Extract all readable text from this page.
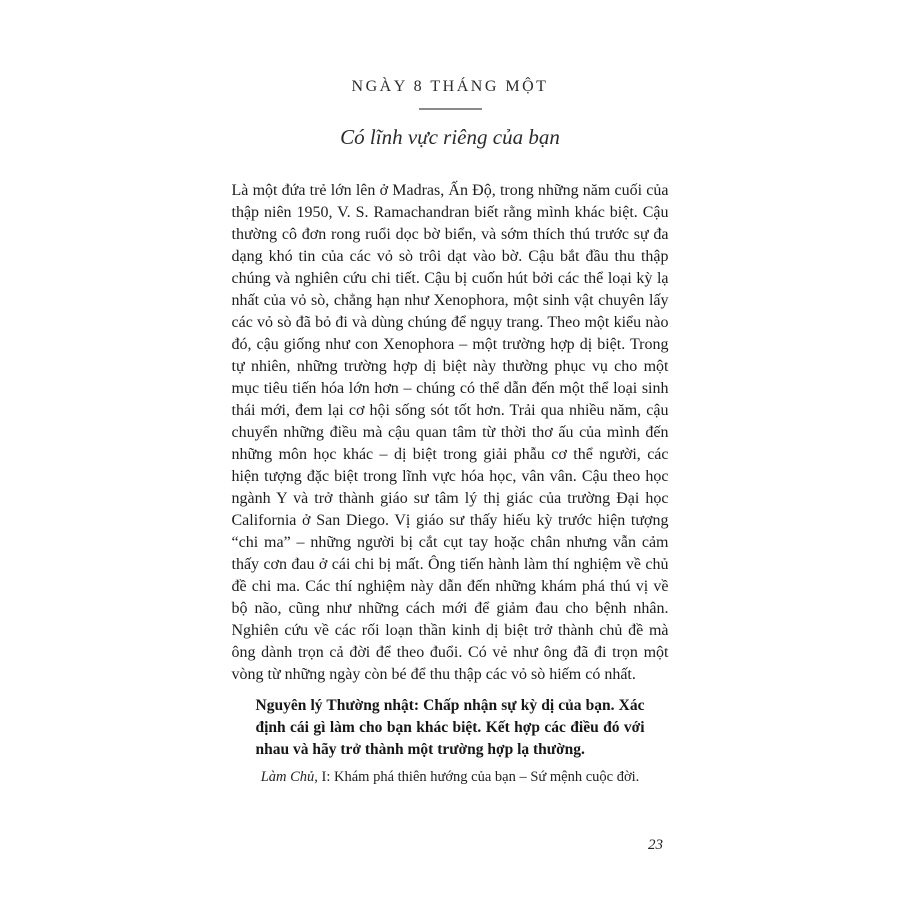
NGÀY 8 THÁNG MỘT
Có lĩnh vực riêng của bạn

Là một đứa trẻ lớn lên ở Madras, Ấn Độ, trong những năm cuối của thập niên 1950, V. S. Ramachandran biết rằng mình khác biệt. Cậu thường cô đơn rong ruổi dọc bờ biển, và sớm thích thú trước sự đa dạng khó tin của các vỏ sò trôi dạt vào bờ. Cậu bắt đầu thu thập chúng và nghiên cứu chi tiết. Cậu bị cuốn hút bởi các thể loại kỳ lạ nhất của vỏ sò, chẳng hạn như Xenophora, một sinh vật chuyên lấy các vỏ sò đã bỏ đi và dùng chúng để ngụy trang. Theo một kiểu nào đó, cậu giống như con Xenophora – một trường hợp dị biệt. Trong tự nhiên, những trường hợp dị biệt này thường phục vụ cho một mục tiêu tiến hóa lớn hơn – chúng có thể dẫn đến một thể loại sinh thái mới, đem lại cơ hội sống sót tốt hơn. Trải qua nhiều năm, cậu chuyển những điều mà cậu quan tâm từ thời thơ ấu của mình đến những môn học khác – dị biệt trong giải phẫu cơ thể người, các hiện tượng đặc biệt trong lĩnh vực hóa học, vân vân. Cậu theo học ngành Y và trở thành giáo sư tâm lý thị giác của trường Đại học California ở San Diego. Vị giáo sư thấy hiếu kỳ trước hiện tượng “chi ma” – những người bị cắt cụt tay hoặc chân nhưng vẫn cảm thấy cơn đau ở cái chi bị mất. Ông tiến hành làm thí nghiệm về chủ đề chi ma. Các thí nghiệm này dẫn đến những khám phá thú vị về bộ não, cũng như những cách mới để giảm đau cho bệnh nhân. Nghiên cứu về các rối loạn thần kinh dị biệt trở thành chủ đề mà ông dành trọn cả đời để theo đuổi. Có vẻ như ông đã đi trọn một vòng từ những ngày còn bé để thu thập các vỏ sò hiếm có nhất.

Nguyên lý Thường nhật: Chấp nhận sự kỳ dị của bạn. Xác định cái gì làm cho bạn khác biệt. Kết hợp các điều đó với nhau và hãy trở thành một trường hợp lạ thường.

Làm Chủ, I: Khám phá thiên hướng của bạn – Sứ mệnh cuộc đời.

23
